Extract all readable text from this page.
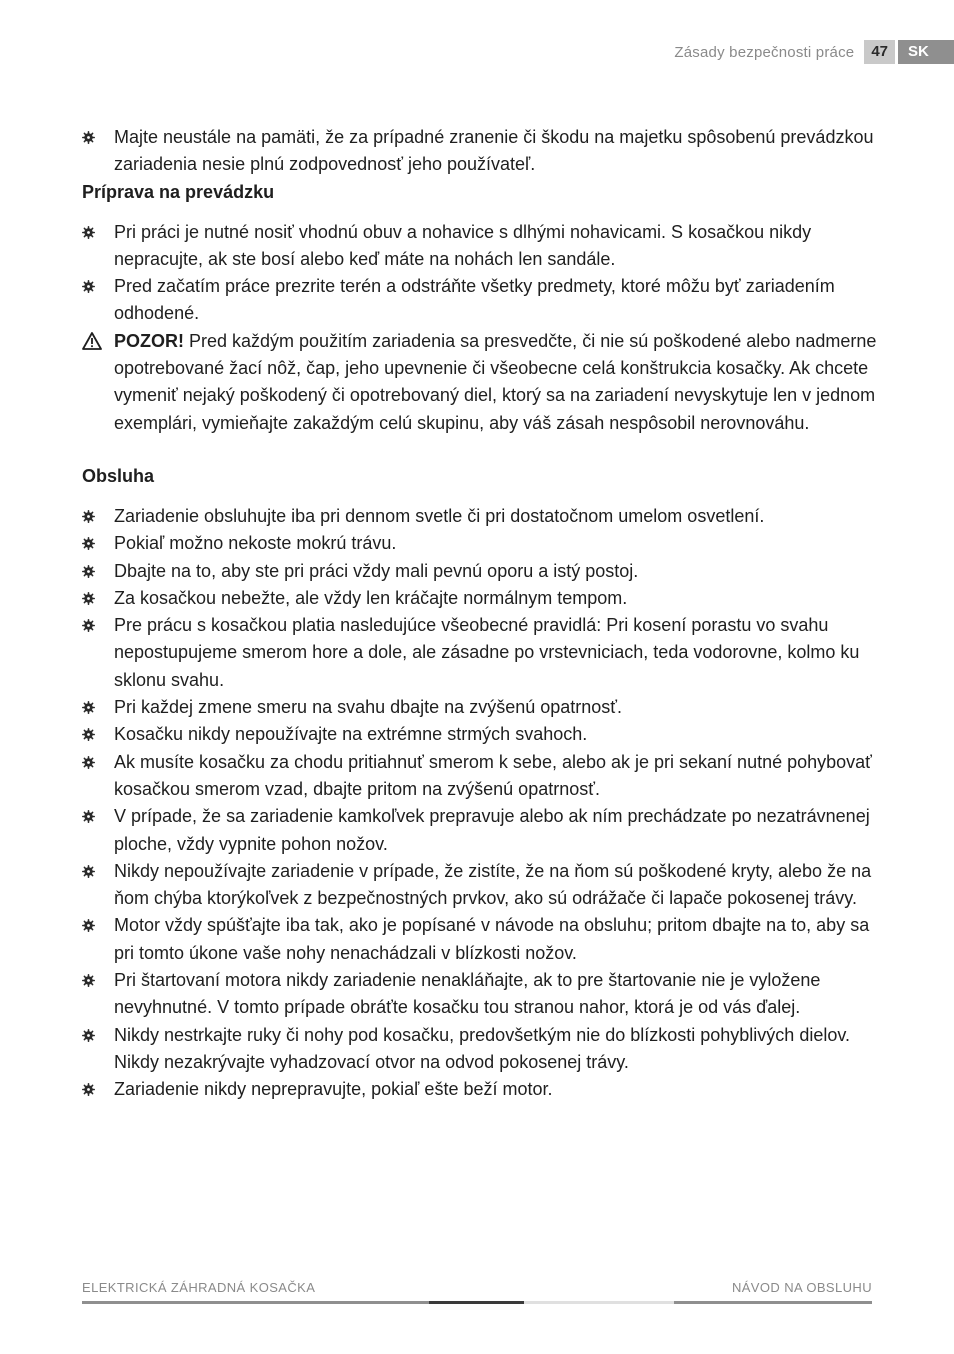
Zásady bezpečnosti práce	47	SK
Majte neustále na pamäti, že za prípadné zranenie či škodu na majetku spôsobenú prevádzkou zariadenia nesie plnú zodpovednosť jeho používateľ.
Príprava na prevádzku
Pri práci je nutné nosiť vhodnú obuv a nohavice s dlhými nohavicami. S kosačkou nikdy nepracujte, ak ste bosí alebo keď máte na nohách len sandále.
Pred začatím práce prezrite terén a odstráňte všetky predmety, ktoré môžu byť zariadením odhodené.
POZOR! Pred každým použitím zariadenia sa presvedčte, či nie sú poškodené alebo nadmerne opotrebované žací nôž, čap, jeho upevnenie či všeobecne celá konštrukcia kosačky. Ak chcete vymeniť nejaký poškodený či opotrebovaný diel, ktorý sa na zariadení nevyskytuje len v jednom exemplári, vymieňajte zakaždým celú skupinu, aby váš zásah nespôsobil nerovnováhu.
Obsluha
Zariadenie obsluhujte iba pri dennom svetle či pri dostatočnom umelom osvetlení.
Pokiaľ možno nekoste mokrú trávu.
Dbajte na to, aby ste pri práci vždy mali pevnú oporu a istý postoj.
Za kosačkou nebežte, ale vždy len kráčajte normálnym tempom.
Pre prácu s kosačkou platia nasledujúce všeobecné pravidlá: Pri kosení porastu vo svahu nepostupujeme smerom hore a dole, ale zásadne po vrstevniciach, teda vodorovne, kolmo ku sklonu svahu.
Pri každej zmene smeru na svahu dbajte na zvýšenú opatrnosť.
Kosačku nikdy nepoužívajte na extrémne strmých svahoch.
Ak musíte kosačku za chodu pritiahnuť smerom k sebe, alebo ak je pri sekaní nutné pohybovať kosačkou smerom vzad, dbajte pritom na zvýšenú opatrnosť.
V prípade, že sa zariadenie kamkoľvek prepravuje alebo ak ním prechádzate po nezatrávnenej ploche, vždy vypnite pohon nožov.
Nikdy nepoužívajte zariadenie v prípade, že zistíte, že na ňom sú poškodené kryty, alebo že na ňom chýba ktorýkoľvek z bezpečnostných prvkov, ako sú odrážače či lapače pokosenej trávy.
Motor vždy spúšťajte iba tak, ako je popísané v návode na obsluhu; pritom dbajte na to, aby sa pri tomto úkone vaše nohy nenachádzali v blízkosti nožov.
Pri štartovaní motora nikdy zariadenie nenakláňajte, ak to pre štartovanie nie je vyložene nevyhnutné. V tomto prípade obráťte kosačku tou stranou nahor, ktorá je od vás ďalej.
Nikdy nestrkajte ruky či nohy pod kosačku, predovšetkým nie do blízkosti pohyblivých dielov. Nikdy nezakrývajte vyhadzovací otvor na odvod pokosenej trávy.
Zariadenie nikdy neprepravujte, pokiaľ ešte beží motor.
ELEKTRICKÁ ZÁHRADNÁ KOSAČKA	NÁVOD NA OBSLUHU
